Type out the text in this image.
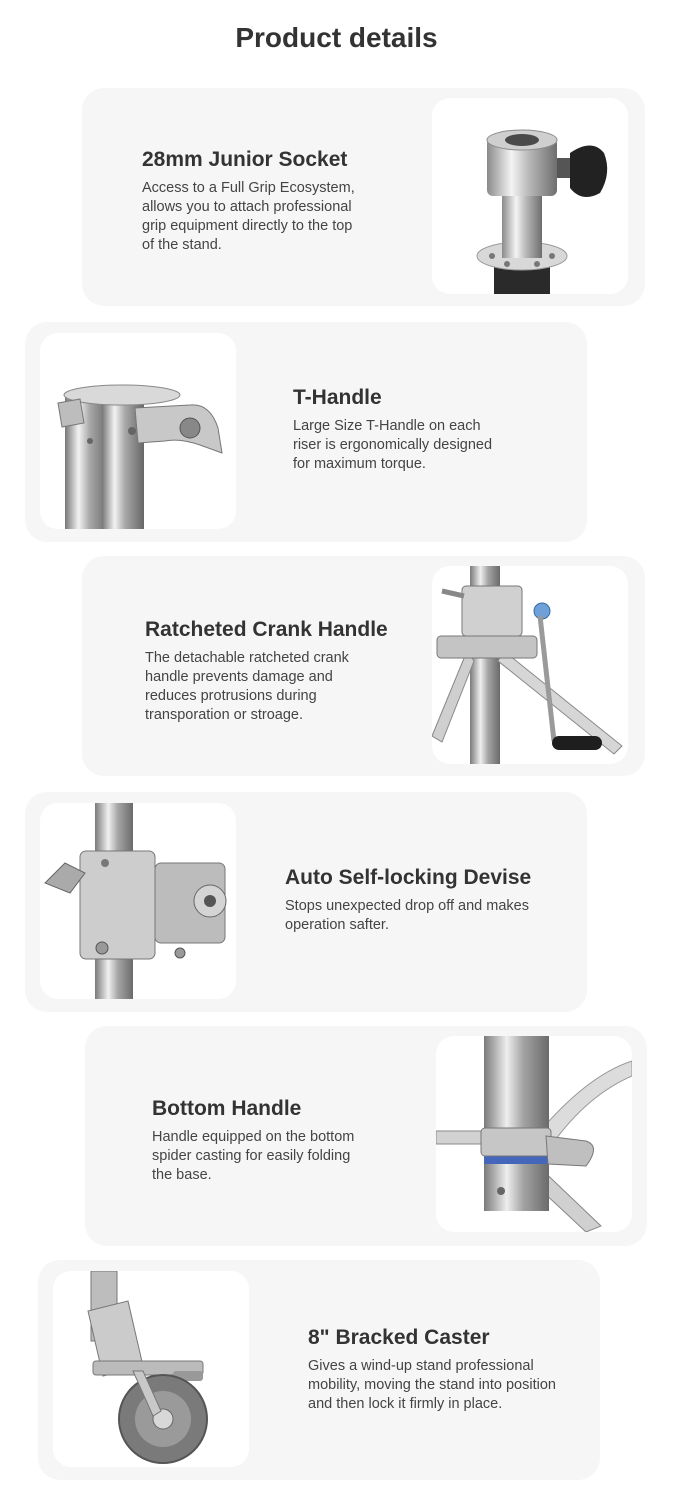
Product details
28mm Junior Socket
Access to a Full Grip Ecosystem,
allows you to attach professional
grip equipment directly to the top
of the stand.
T-Handle
Large Size T-Handle on each
riser is ergonomically designed
for maximum torque.
Ratcheted Crank Handle
The detachable ratcheted crank
handle prevents damage and
reduces protrusions during
transporation or stroage.
Auto Self-locking Devise
Stops unexpected drop off and makes
operation safter.
Bottom Handle
Handle equipped on the bottom
spider casting for easily folding
the base.
8" Bracked Caster
Gives a wind-up stand professional
mobility, moving the stand into position
and then lock it firmly in place.
